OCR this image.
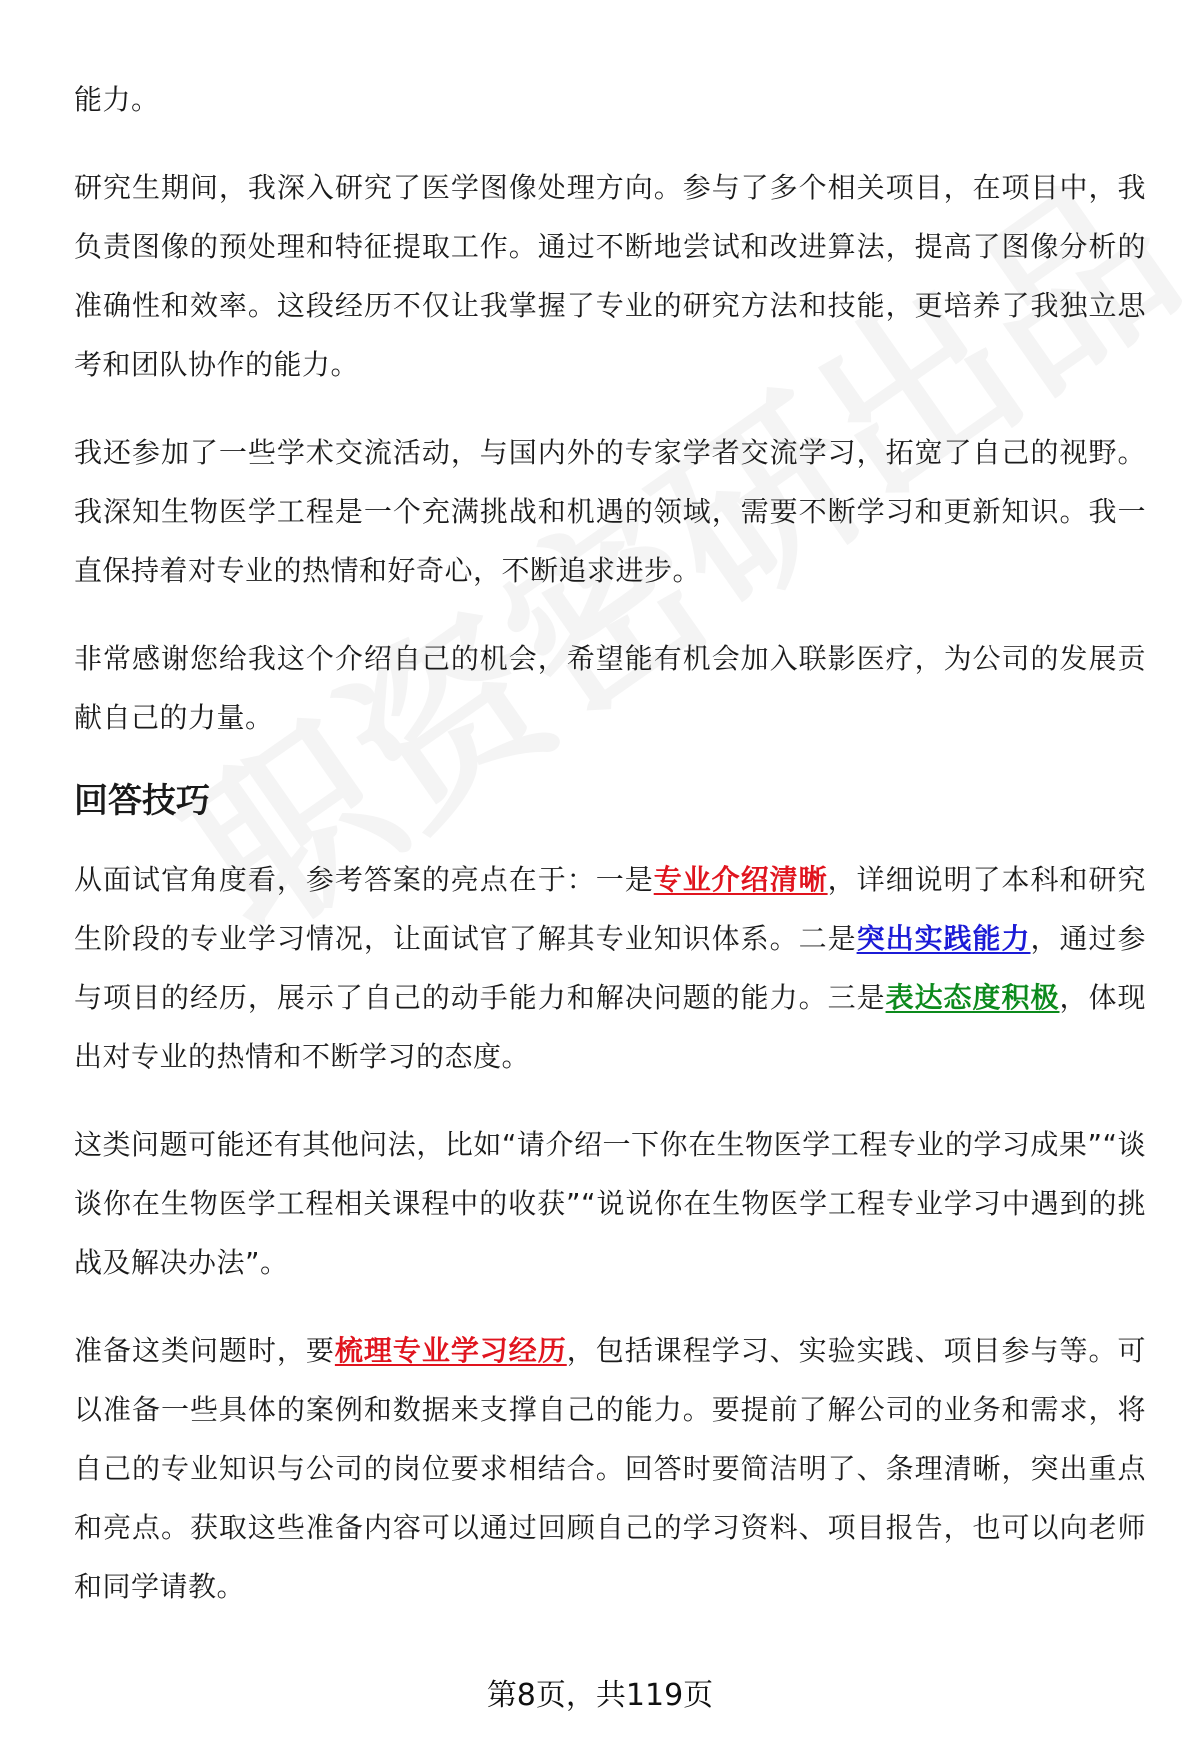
能力。

研究生期间，我深入研究了医学图像处理方向。参与了多个相关项目，在项目中，我负责图像的预处理和特征提取工作。通过不断地尝试和改进算法，提高了图像分析的准确性和效率。这段经历不仅让我掌握了专业的研究方法和技能，更培养了我独立思考和团队协作的能力。

我还参加了一些学术交流活动，与国内外的专家学者交流学习，拓宽了自己的视野。我深知生物医学工程是一个充满挑战和机遇的领域，需要不断学习和更新知识。我一直保持着对专业的热情和好奇心，不断追求进步。

非常感谢您给我这个介绍自己的机会，希望能有机会加入联影医疗，为公司的发展贡献自己的力量。

回答技巧

从面试官角度看，参考答案的亮点在于：一是专业介绍清晰，详细说明了本科和研究生阶段的专业学习情况，让面试官了解其专业知识体系。二是突出实践能力，通过参与项目的经历，展示了自己的动手能力和解决问题的能力。三是表达态度积极，体现出对专业的热情和不断学习的态度。

这类问题可能还有其他问法，比如“请介绍一下你在生物医学工程专业的学习成果”“谈谈你在生物医学工程相关课程中的收获”“说说你在生物医学工程专业学习中遇到的挑战及解决办法”。

准备这类问题时，要梳理专业学习经历，包括课程学习、实验实践、项目参与等。可以准备一些具体的案例和数据来支撑自己的能力。要提前了解公司的业务和需求，将自己的专业知识与公司的岗位要求相结合。回答时要简洁明了、条理清晰，突出重点和亮点。获取这些准备内容可以通过回顾自己的学习资料、项目报告，也可以向老师和同学请教。

第8页，共119页
